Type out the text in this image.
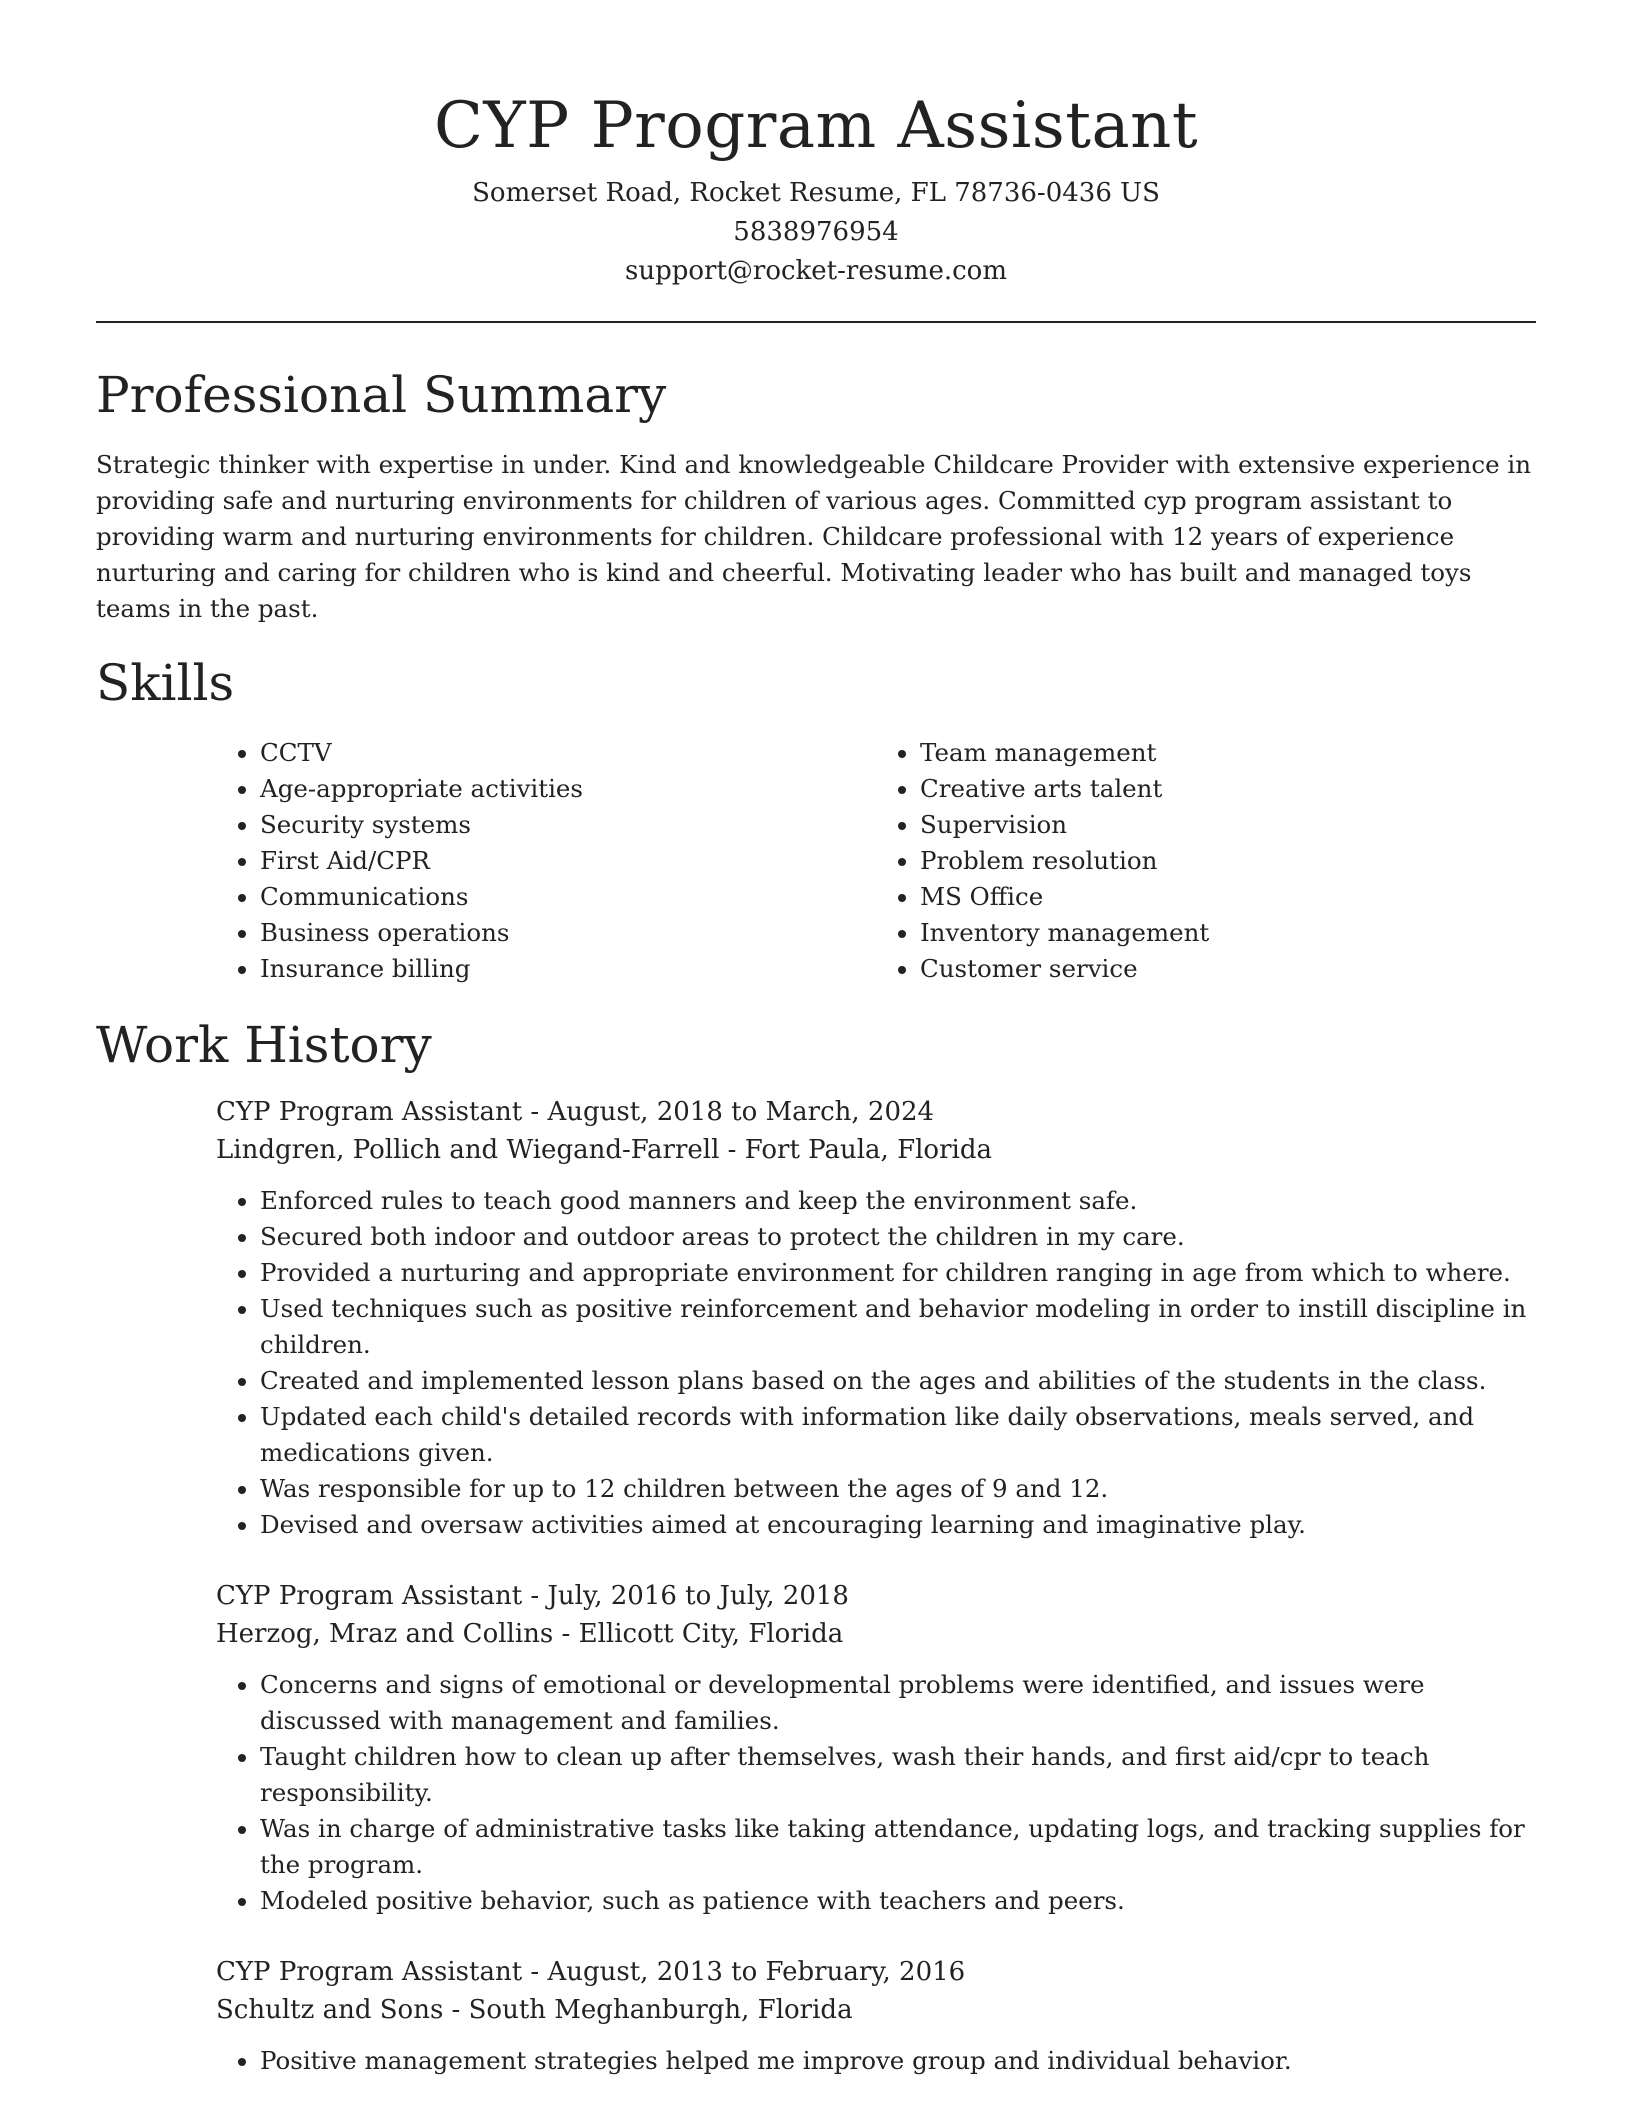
CYP Program Assistant

Somerset Road, Rocket Resume, FL 78736-0436 US

5838976954

support@rocket-resume.com

Professional Summary

Strategic thinker with expertise in under. Kind and knowledgeable Childcare Provider with extensive experience in providing safe and nurturing environments for children of various ages. Committed cyp program assistant to providing warm and nurturing environments for children. Childcare professional with 12 years of experience nurturing and caring for children who is kind and cheerful. Motivating leader who has built and managed toys teams in the past.

Skills
• CCTV
• Age-appropriate activities
• Security systems
• First Aid/CPR
• Communications
• Business operations
• Insurance billing
• Team management
• Creative arts talent
• Supervision
• Problem resolution
• MS Office
• Inventory management
• Customer service
Work History

CYP Program Assistant - August, 2018 to March, 2024

Lindgren, Pollich and Wiegand-Farrell - Fort Paula, Florida

• Enforced rules to teach good manners and keep the environment safe.
• Secured both indoor and outdoor areas to protect the children in my care.
• Provided a nurturing and appropriate environment for children ranging in age from which to where.
• Used techniques such as positive reinforcement and behavior modeling in order to instill discipline in children.
• Created and implemented lesson plans based on the ages and abilities of the students in the class.
• Updated each child's detailed records with information like daily observations, meals served, and medications given.
• Was responsible for up to 12 children between the ages of 9 and 12.
• Devised and oversaw activities aimed at encouraging learning and imaginative play.

CYP Program Assistant - July, 2016 to July, 2018

Herzog, Mraz and Collins - Ellicott City, Florida

• Concerns and signs of emotional or developmental problems were identified, and issues were discussed with management and families.
• Taught children how to clean up after themselves, wash their hands, and first aid/cpr to teach responsibility.
• Was in charge of administrative tasks like taking attendance, updating logs, and tracking supplies for the program.
• Modeled positive behavior, such as patience with teachers and peers.

CYP Program Assistant - August, 2013 to February, 2016

Schultz and Sons - South Meghanburgh, Florida

• Positive management strategies helped me improve group and individual behavior.
